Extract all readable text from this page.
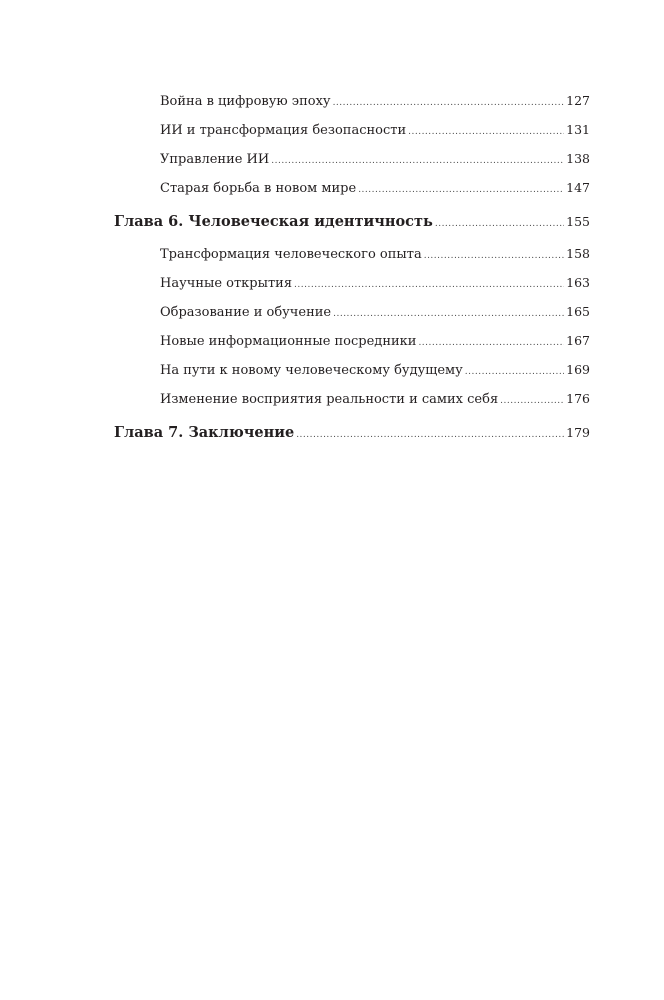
Война в цифровую эпоху .....	127
ИИ и трансформация безопасности .....	131
Управление ИИ .....	138
Старая борьба в новом мире .....	147
Глава 6. Человеческая идентичность .....	155
Трансформация человеческого опыта .....	158
Научные открытия .....	163
Образование и обучение .....	165
Новые информационные посредники .....	167
На пути к новому человеческому будущему .....	169
Изменение восприятия реальности и самих себя .....	176
Глава 7. Заключение .....	179
